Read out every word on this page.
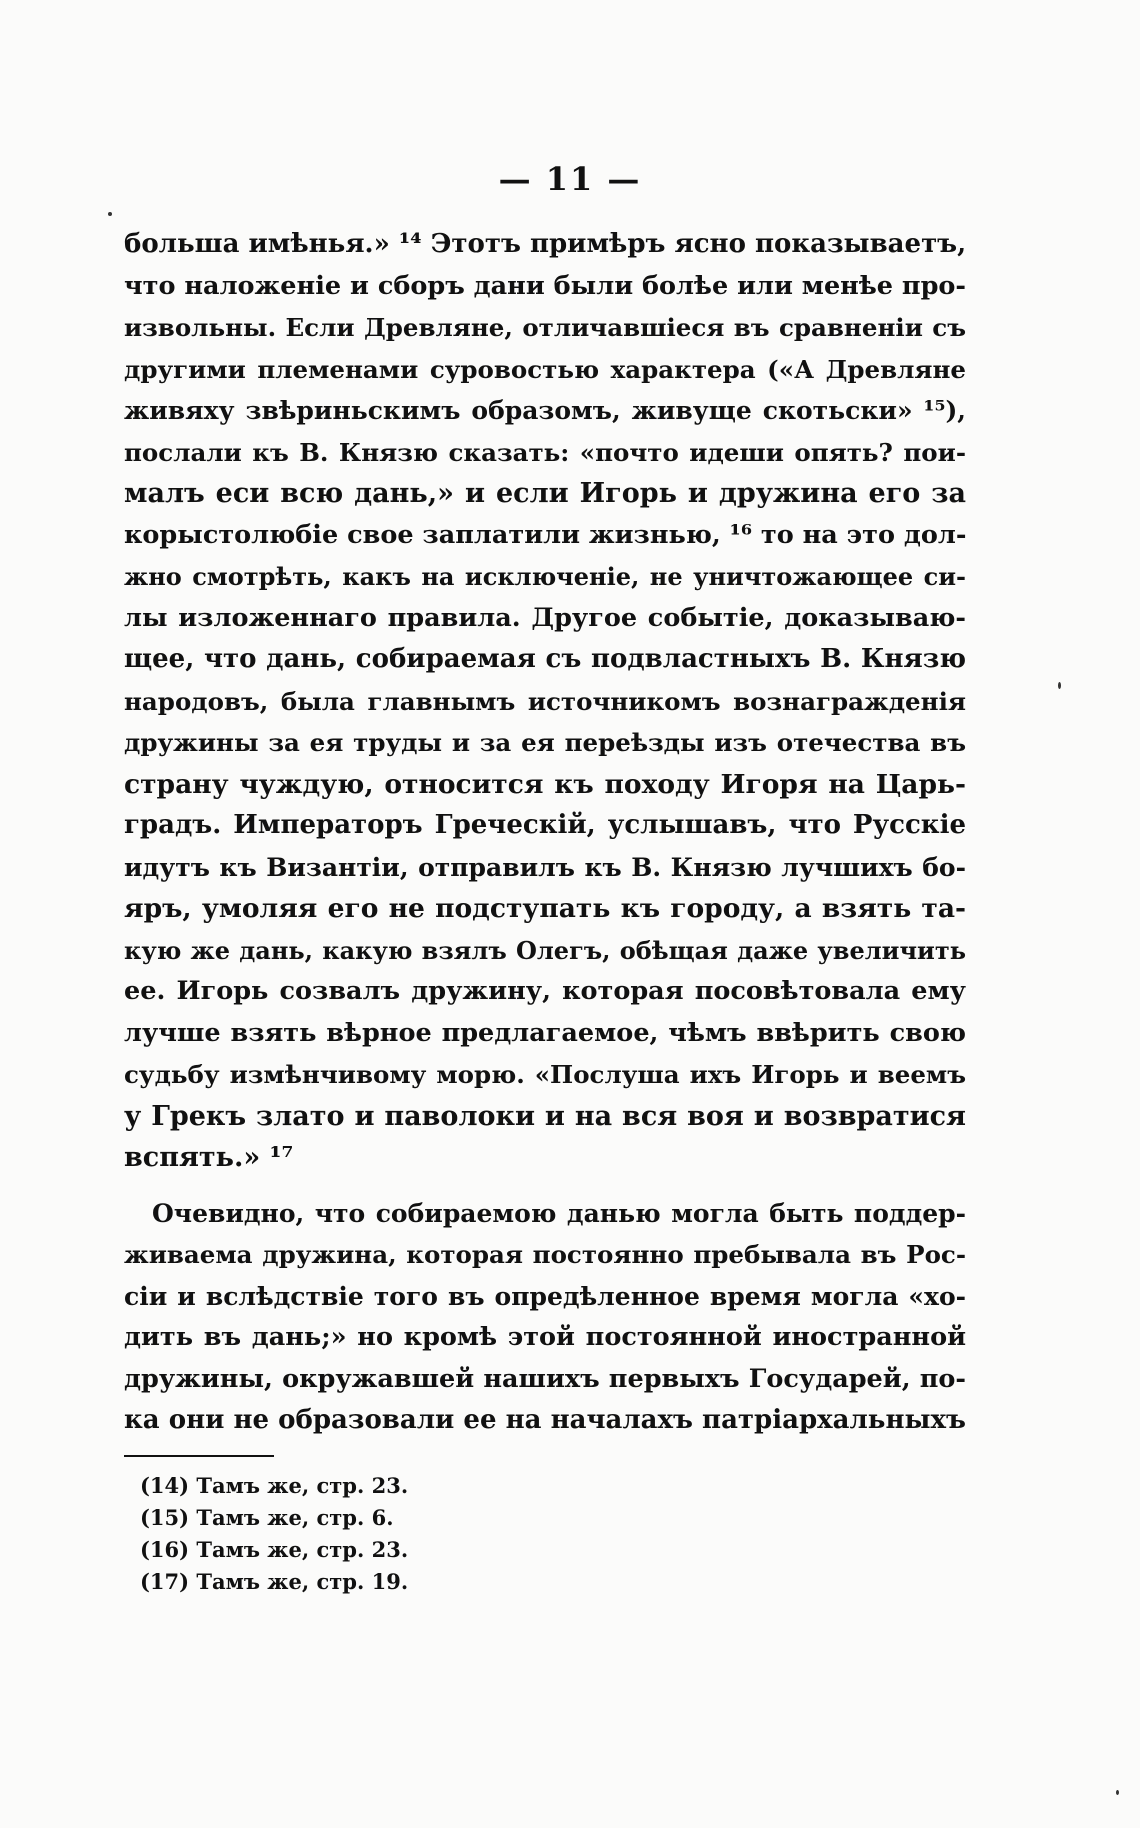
— 11 —
больша имѣнья.» ¹⁴ Этотъ примѣръ ясно показываетъ,
что наложеніе и сборъ дани были болѣе или менѣе про-
извольны. Если Древляне, отличавшіеся въ сравненіи съ
другими племенами суровостью характера («А Древляне
живяху звѣриньскимъ образомъ, живуще скотьски» ¹⁵),
послали къ В. Князю сказать: «почто идеши опять? пои-
малъ еси всю дань,» и если Игорь и дружина его за
корыстолюбіе свое заплатили жизнью, ¹⁶ то на это дол-
жно смотрѣть, какъ на исключеніе, не уничтожающее си-
лы изложеннаго правила. Другое событіе, доказываю-
щее, что дань, собираемая съ подвластныхъ В. Князю
народовъ, была главнымъ источникомъ вознагражденія
дружины за ея труды и за ея переѣзды изъ отечества въ
страну чуждую, относится къ походу Игоря на Царь-
градъ. Императоръ Греческій, услышавъ, что Русскіе
идутъ къ Византіи, отправилъ къ В. Князю лучшихъ бо-
яръ, умоляя его не подступать къ городу, а взять та-
кую же дань, какую взялъ Олегъ, обѣщая даже увеличить
ее. Игорь созвалъ дружину, которая посовѣтовала ему
лучше взять вѣрное предлагаемое, чѣмъ ввѣрить свою
судьбу измѣнчивому морю. «Послуша ихъ Игорь и веемъ
у Грекъ злато и паволоки и на вся воя и возвратися
вспять.» ¹⁷
Очевидно, что собираемою данью могла быть поддер-
живаема дружина, которая постоянно пребывала въ Рос-
сіи и вслѣдствіе того въ опредѣленное время могла «хо-
дить въ дань;» но кромѣ этой постоянной иностранной
дружины, окружавшей нашихъ первыхъ Государей, по-
ка они не образовали ее на началахъ патріархальныхъ
(14) Тамъ же, стр. 23.
(15) Тамъ же, стр. 6.
(16) Тамъ же, стр. 23.
(17) Тамъ же, стр. 19.
